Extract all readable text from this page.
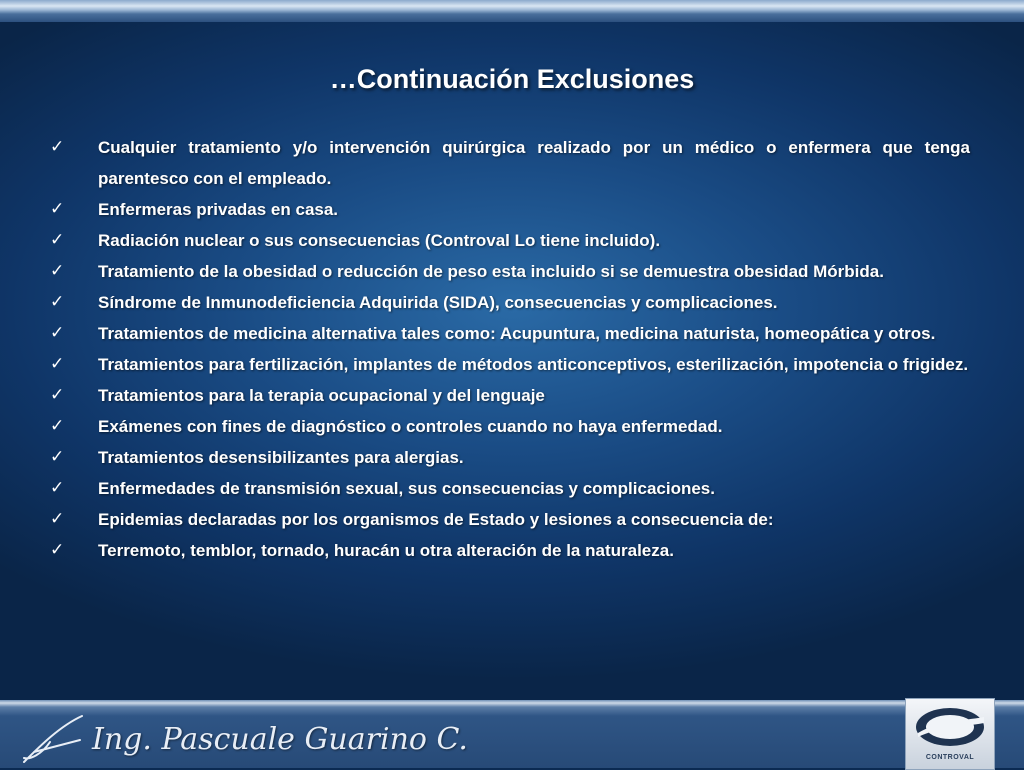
…Continuación Exclusiones
✓	Cualquier tratamiento y/o intervención quirúrgica realizado por un médico o enfermera que tenga parentesco con el empleado.
✓	Enfermeras privadas en casa.
✓	Radiación nuclear o sus consecuencias (Controval Lo tiene incluido).
✓	Tratamiento de la obesidad o reducción de peso esta incluido si se demuestra obesidad Mórbida.
✓	Síndrome de Inmunodeficiencia Adquirida (SIDA), consecuencias y complicaciones.
✓	Tratamientos de medicina alternativa tales como: Acupuntura, medicina naturista, homeopática y otros.
✓	Tratamientos para fertilización, implantes de métodos anticonceptivos, esterilización, impotencia o frigidez.
✓	Tratamientos para la terapia ocupacional y del lenguaje
✓	Exámenes con fines de diagnóstico o controles cuando no haya enfermedad.
✓	Tratamientos desensibilizantes para alergias.
✓	Enfermedades de transmisión sexual, sus consecuencias y complicaciones.
✓	Epidemias declaradas por los organismos de Estado y lesiones a consecuencia de:
✓	Terremoto, temblor, tornado, huracán u otra alteración de la naturaleza.
Ing. Pascuale Guarino C.
CONTROVAL
